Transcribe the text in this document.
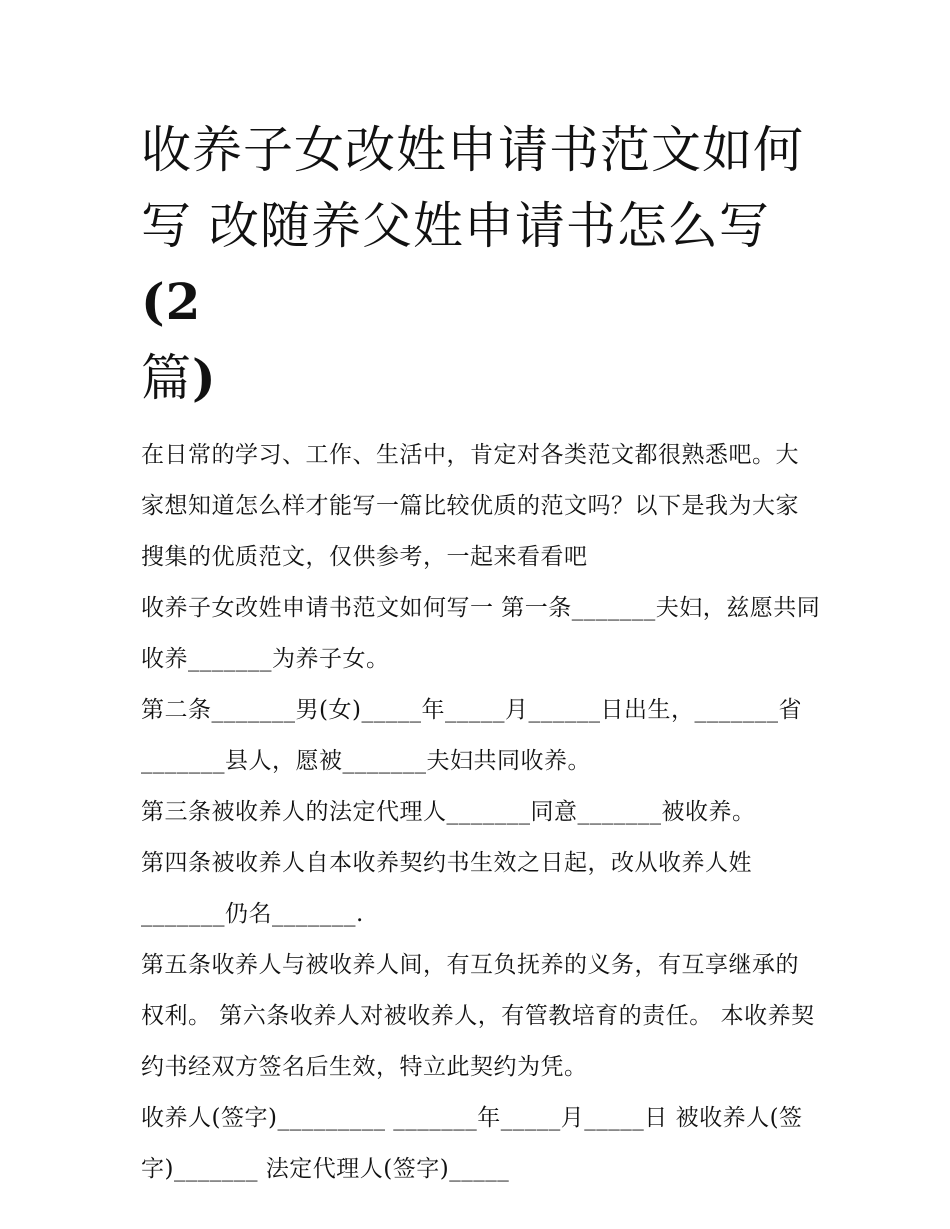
收养子女改姓申请书范文如何
写 改随养父姓申请书怎么写(2
篇)

在日常的学习、工作、生活中，肯定对各类范文都很熟悉吧。大家想知道怎么样才能写一篇比较优质的范文吗？以下是我为大家搜集的优质范文，仅供参考，一起来看看吧

收养子女改姓申请书范文如何写一 第一条_______夫妇，兹愿共同收养_______为养子女。

第二条_______男(女)_____年_____月______日出生，_______省_______县人，愿被_______夫妇共同收养。

第三条被收养人的法定代理人_______同意_______被收养。

第四条被收养人自本收养契约书生效之日起，改从收养人姓_______仍名_______.

第五条收养人与被收养人间，有互负抚养的义务，有互享继承的权利。 第六条收养人对被收养人，有管教培育的责任。 本收养契约书经双方签名后生效，特立此契约为凭。

收养人(签字)_________ _______年_____月_____日 被收养人(签字)_______ 法定代理人(签字)_____
